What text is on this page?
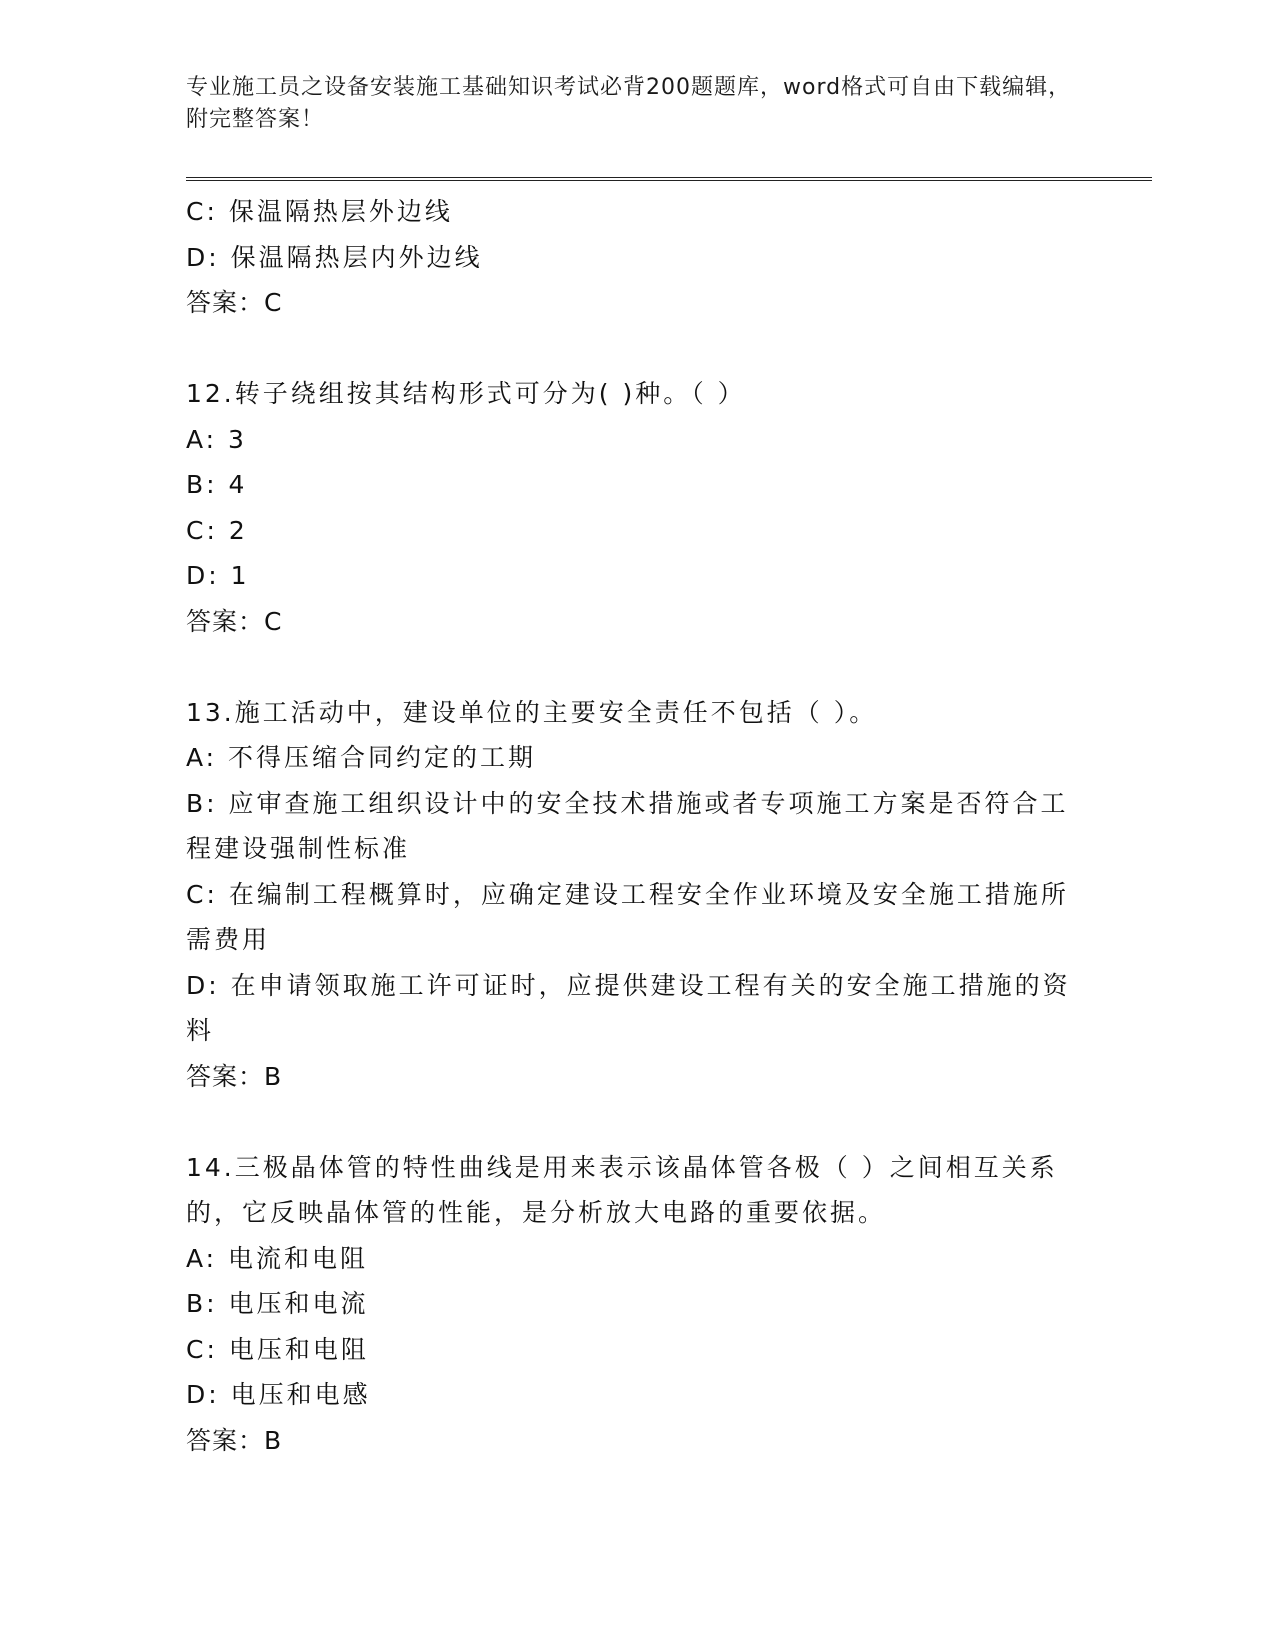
专业施工员之设备安装施工基础知识考试必背200题题库，word格式可自由下载编辑，附完整答案！
C: 保温隔热层外边线
D: 保温隔热层内外边线
答案：C
12.转子绕组按其结构形式可分为( )种。（ ）
A: 3
B: 4
C: 2
D: 1
答案：C
13.施工活动中，建设单位的主要安全责任不包括（ ）。
A: 不得压缩合同约定的工期
B: 应审查施工组织设计中的安全技术措施或者专项施工方案是否符合工程建设强制性标准
C: 在编制工程概算时，应确定建设工程安全作业环境及安全施工措施所需费用
D: 在申请领取施工许可证时，应提供建设工程有关的安全施工措施的资料
答案：B
14.三极晶体管的特性曲线是用来表示该晶体管各极（ ）之间相互关系的，它反映晶体管的性能，是分析放大电路的重要依据。
A: 电流和电阻
B: 电压和电流
C: 电压和电阻
D: 电压和电感
答案：B
